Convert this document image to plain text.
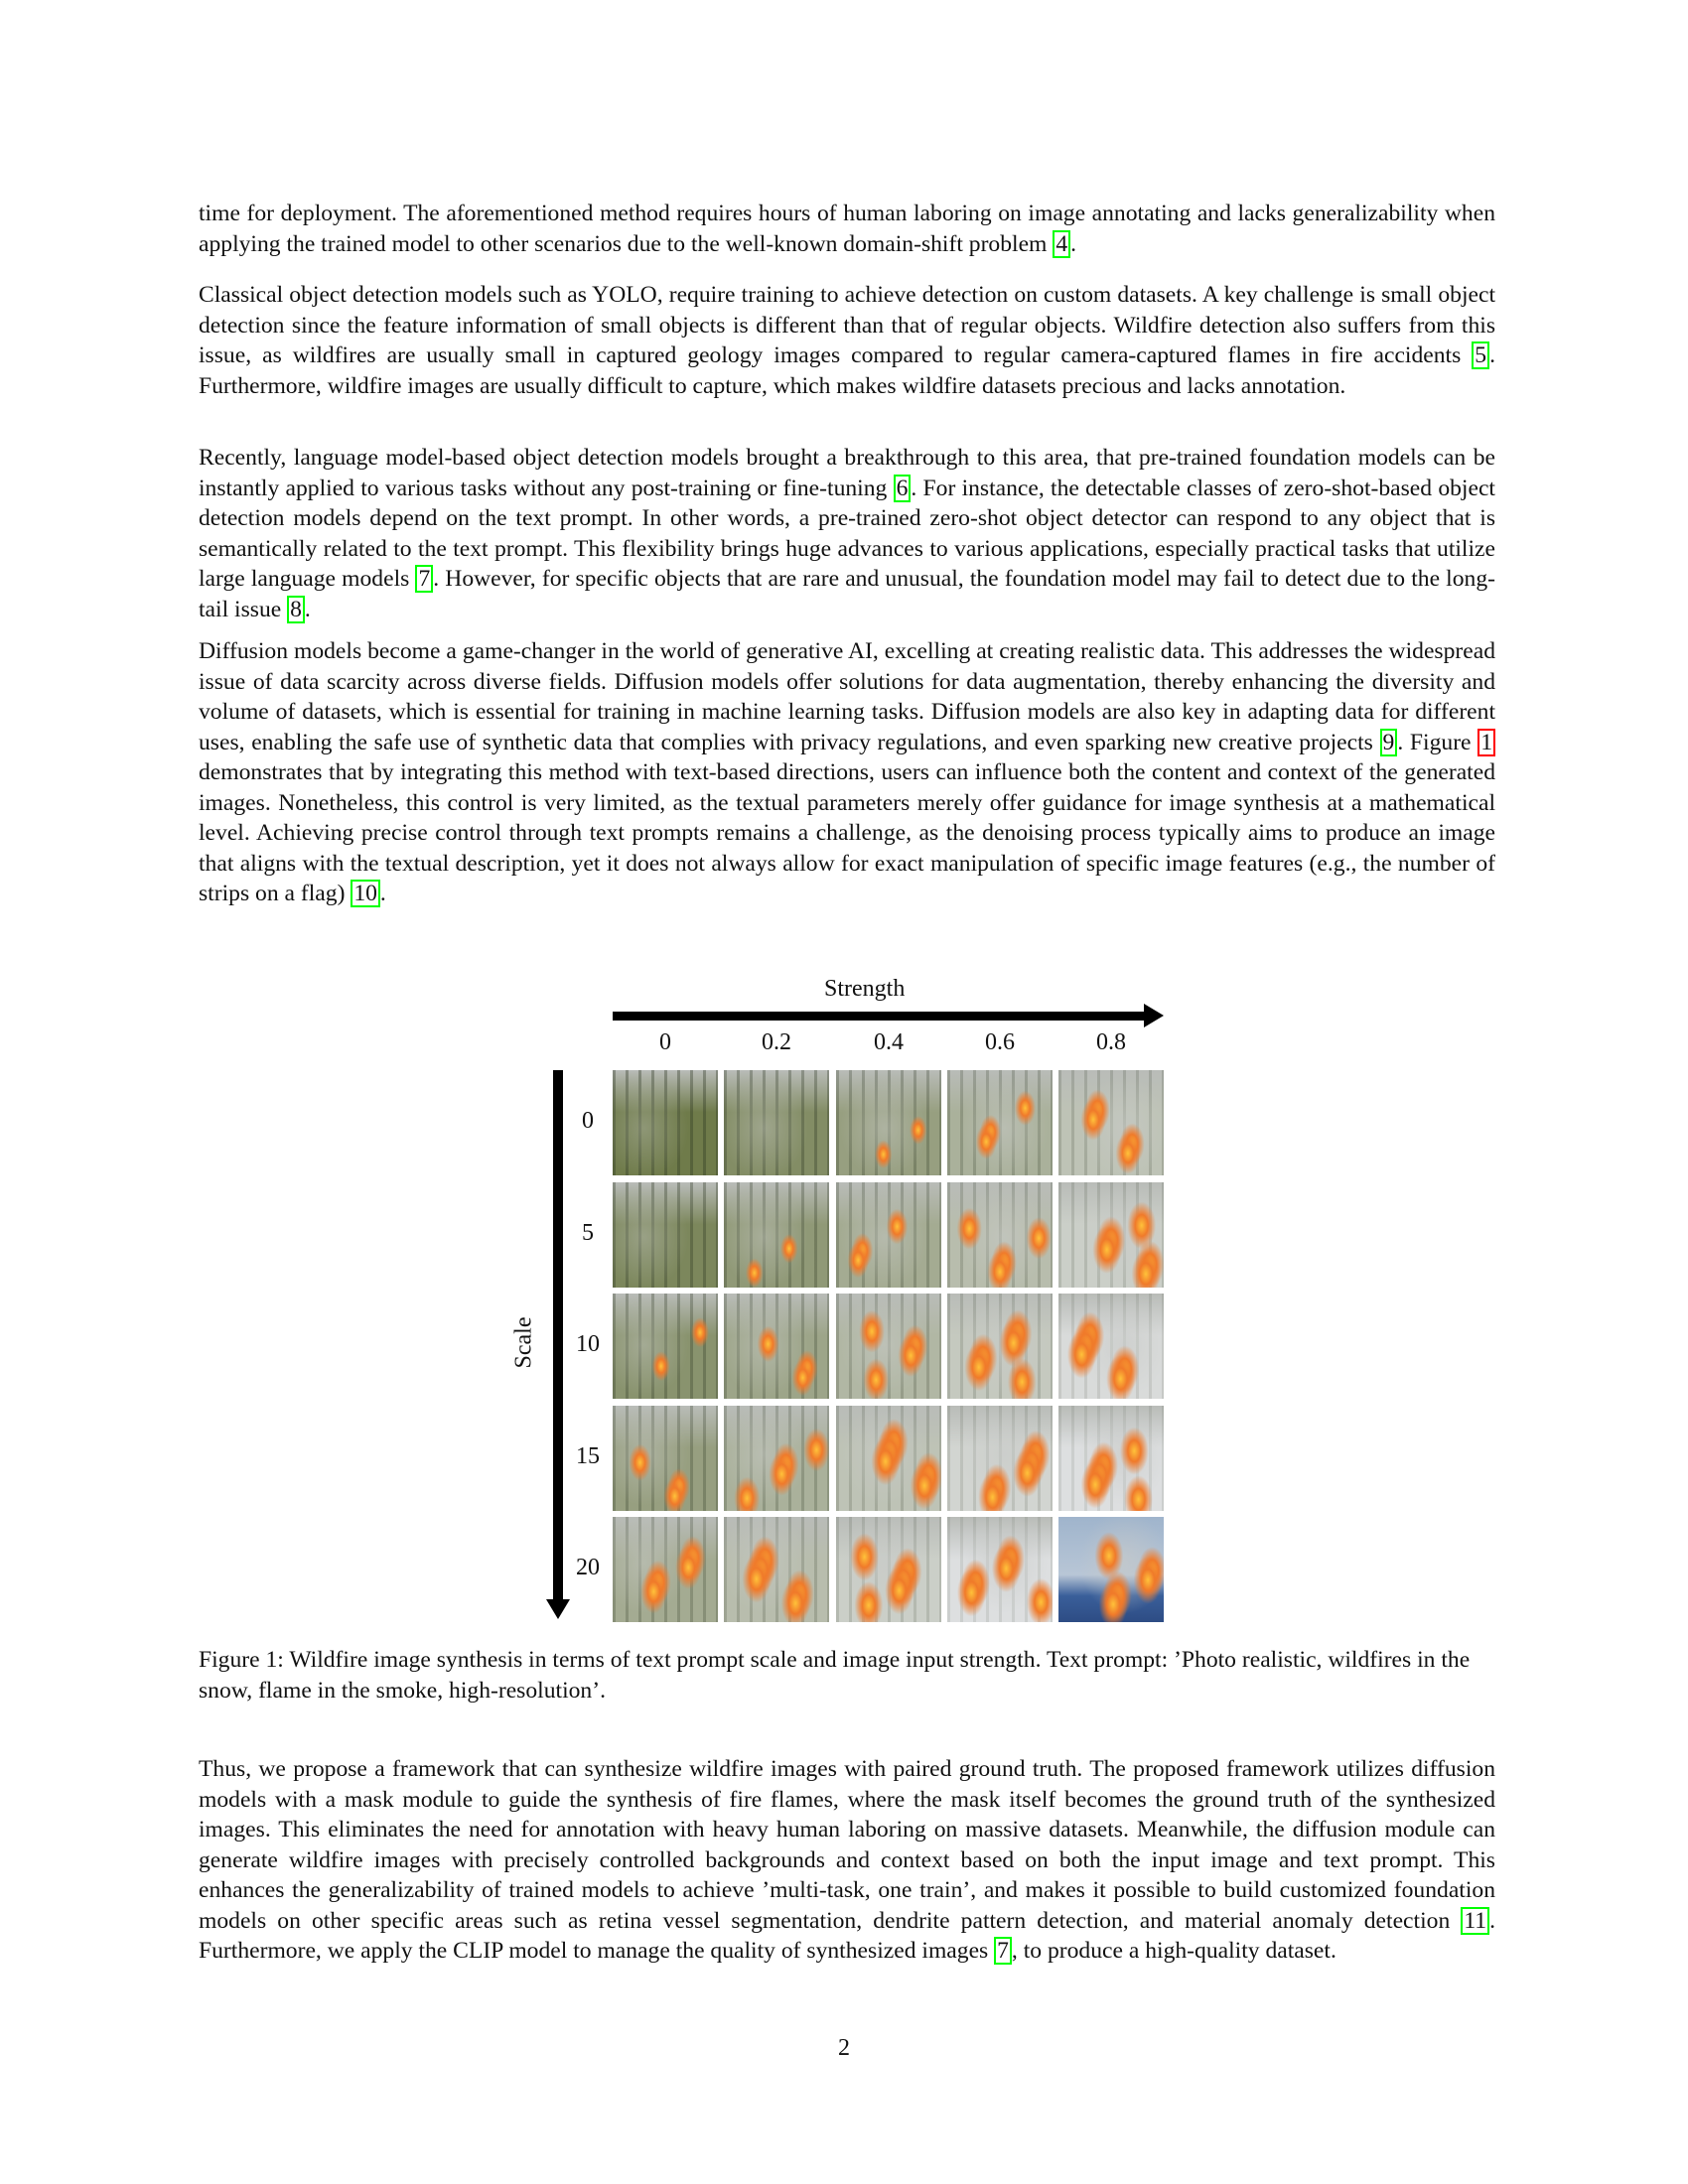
time for deployment. The aforementioned method requires hours of human laboring on image annotating and lacks generalizability when applying the trained model to other scenarios due to the well-known domain-shift problem 4 .

Classical object detection models such as YOLO, require training to achieve detection on custom datasets. A key challenge is small object detection since the feature information of small objects is different than that of regular objects. Wildfire detection also suffers from this issue, as wildfires are usually small in captured geology images compared to regular camera-captured flames in fire accidents 5 . Furthermore, wildfire images are usually difficult to capture, which makes wildfire datasets precious and lacks annotation.

Recently, language model-based object detection models brought a breakthrough to this area, that pre-trained foundation models can be instantly applied to various tasks without any post-training or fine-tuning 6 . For instance, the detectable classes of zero-shot-based object detection models depend on the text prompt. In other words, a pre-trained zero-shot object detector can respond to any object that is semantically related to the text prompt. This flexibility brings huge advances to various applications, especially practical tasks that utilize large language models 7 . However, for specific objects that are rare and unusual, the foundation model may fail to detect due to the long-tail issue 8 .

Diffusion models become a game-changer in the world of generative AI, excelling at creating realistic data. This addresses the widespread issue of data scarcity across diverse fields. Diffusion models offer solutions for data augmentation, thereby enhancing the diversity and volume of datasets, which is essential for training in machine learning tasks. Diffusion models are also key in adapting data for different uses, enabling the safe use of synthetic data that complies with privacy regulations, and even sparking new creative projects 9 . Figure 1 demonstrates that by integrating this method with text-based directions, users can influence both the content and context of the generated images. Nonetheless, this control is very limited, as the textual parameters merely offer guidance for image synthesis at a mathematical level. Achieving precise control through text prompts remains a challenge, as the denoising process typically aims to produce an image that aligns with the textual description, yet it does not always allow for exact manipulation of specific image features (e.g., the number of strips on a flag) 10 .

Thus, we propose a framework that can synthesize wildfire images with paired ground truth. The proposed framework utilizes diffusion models with a mask module to guide the synthesis of fire flames, where the mask itself becomes the ground truth of the synthesized images. This eliminates the need for annotation with heavy human laboring on massive datasets. Meanwhile, the diffusion module can generate wildfire images with precisely controlled backgrounds and context based on both the input image and text prompt. This enhances the generalizability of trained models to achieve ’multi-task, one train’, and makes it possible to build customized foundation models on other specific areas such as retina vessel segmentation, dendrite pattern detection, and material anomaly detection 11 . Furthermore, we apply the CLIP model to manage the quality of synthesized images 7 , to produce a high-quality dataset.

Strength
0	0.2	0.4	0.6	0.8
Scale
0
5
10
15
20

Figure 1: Wildfire image synthesis in terms of text prompt scale and image input strength. Text prompt: ’Photo realistic, wildfires in the snow, flame in the smoke, high-resolution’.

2
